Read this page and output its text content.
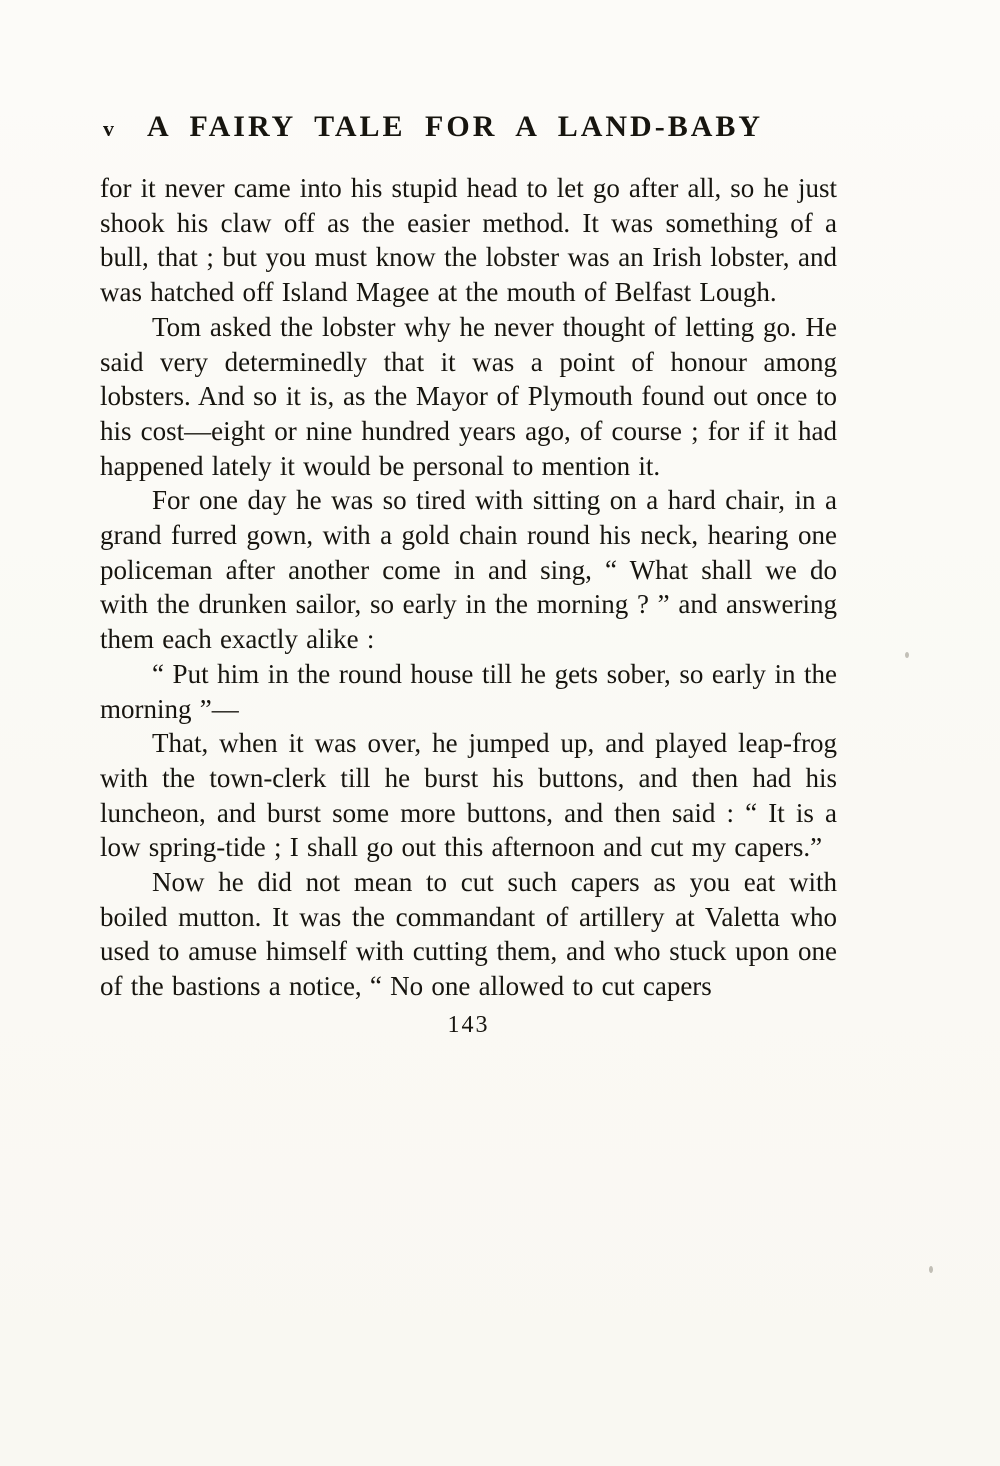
v A FAIRY TALE FOR A LAND-BABY

for it never came into his stupid head to let go after all, so he just shook his claw off as the easier method. It was something of a bull, that ; but you must know the lobster was an Irish lobster, and was hatched off Island Magee at the mouth of Belfast Lough.

Tom asked the lobster why he never thought of letting go. He said very determinedly that it was a point of honour among lobsters. And so it is, as the Mayor of Plymouth found out once to his cost—eight or nine hundred years ago, of course ; for if it had happened lately it would be personal to mention it.

For one day he was so tired with sitting on a hard chair, in a grand furred gown, with a gold chain round his neck, hearing one policeman after another come in and sing, “ What shall we do with the drunken sailor, so early in the morning ? ” and answering them each exactly alike :

“ Put him in the round house till he gets sober, so early in the morning ”—

That, when it was over, he jumped up, and played leap-frog with the town-clerk till he burst his buttons, and then had his luncheon, and burst some more buttons, and then said : “ It is a low spring-tide ; I shall go out this afternoon and cut my capers.”

Now he did not mean to cut such capers as you eat with boiled mutton. It was the commandant of artillery at Valetta who used to amuse himself with cutting them, and who stuck upon one of the bastions a notice, “ No one allowed to cut capers

143
